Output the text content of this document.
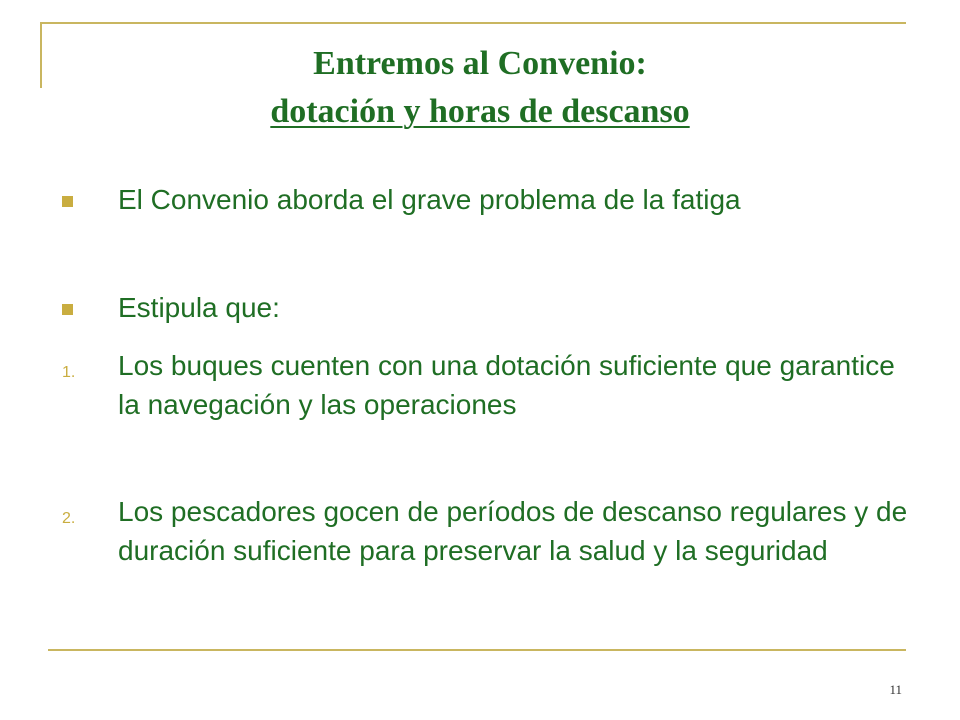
Entremos al Convenio:
dotación y horas de descanso
El Convenio aborda el grave problema de la fatiga
Estipula que:
1. Los buques cuenten con una dotación suficiente que garantice la navegación y las operaciones
2. Los pescadores gocen de períodos de descanso regulares y de duración suficiente para preservar la salud y la seguridad
11
